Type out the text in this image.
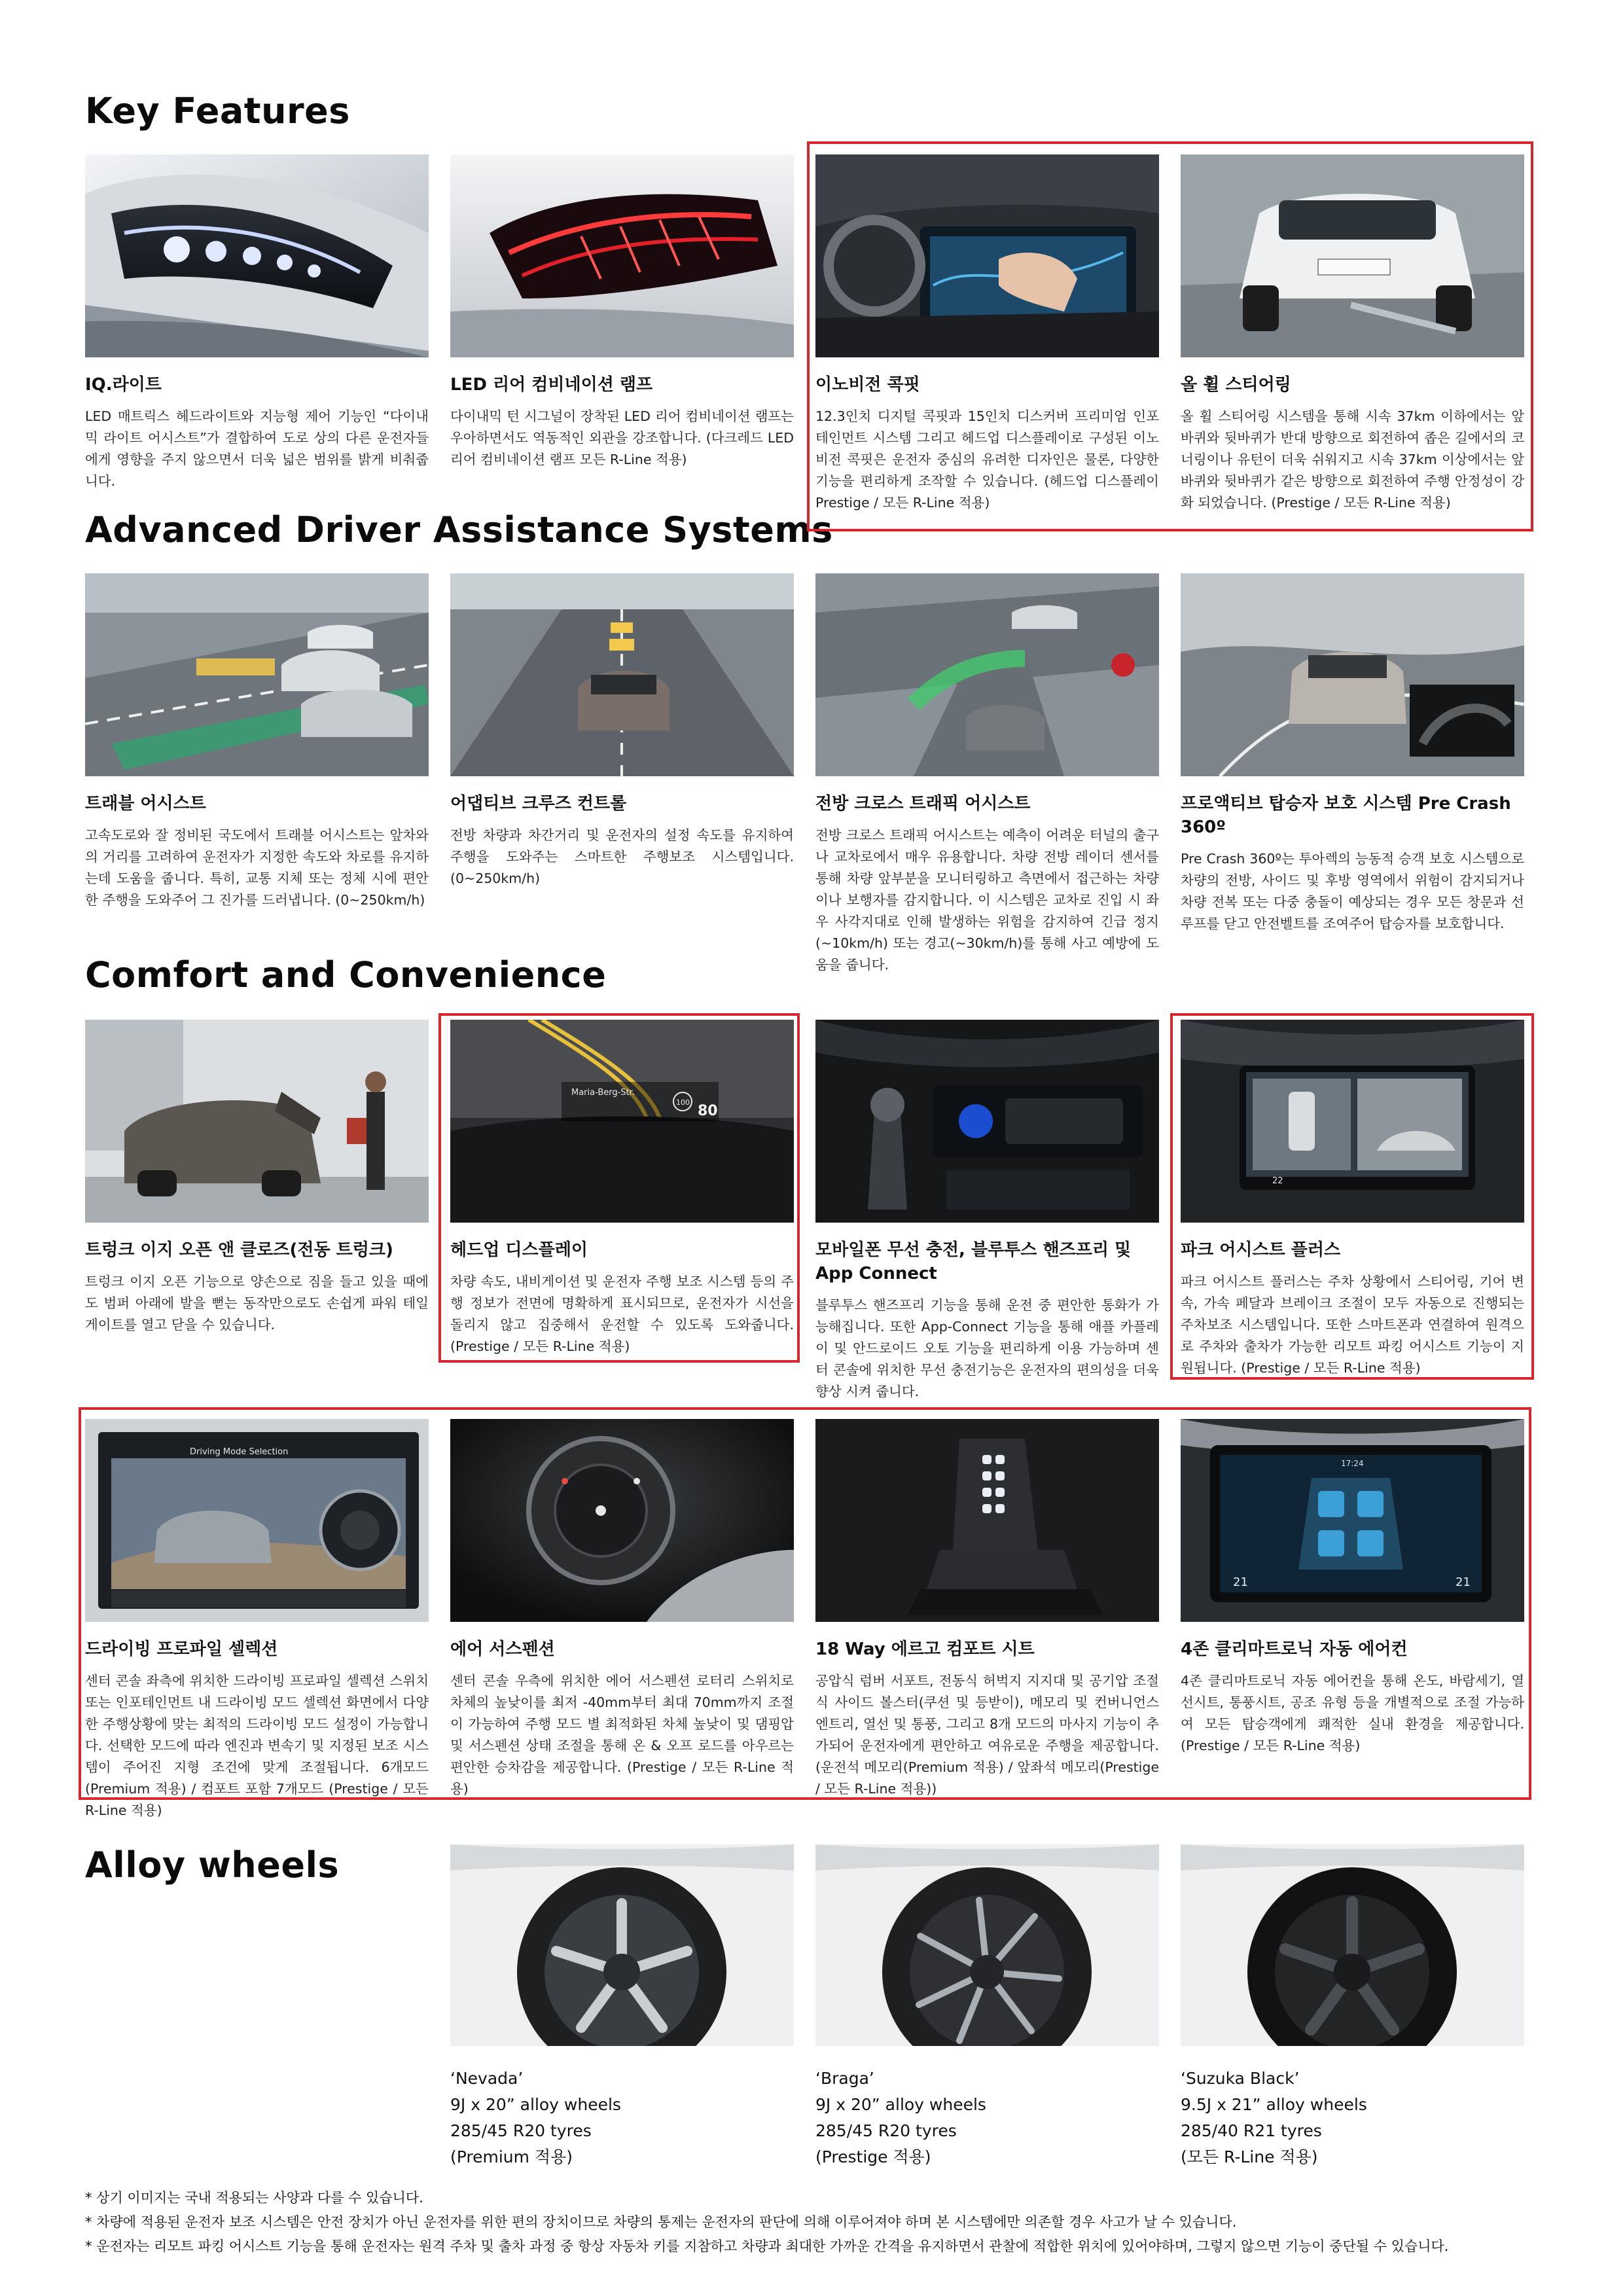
Key Features
Advanced Driver Assistance Systems
Comfort and Convenience
Alloy wheels
IQ.라이트

LED 매트릭스 헤드라이트와 지능형 제어 기능인 “다이내믹 라이트 어시스트”가 결합하여 도로 상의 다른 운전자들에게 영향을 주지 않으면서 더욱 넓은 범위를 밝게 비춰줍니다.

LED 리어 컴비네이션 램프

다이내믹 턴 시그널이 장착된 LED 리어 컴비네이션 램프는 우아하면서도 역동적인 외관을 강조합니다. (다크레드 LED 리어 컴비네이션 램프 모든 R-Line 적용)

이노비전 콕핏

12.3인치 디지털 콕핏과 15인치 디스커버 프리미엄 인포테인먼트 시스템 그리고 헤드업 디스플레이로 구성된 이노비전 콕핏은 운전자 중심의 유려한 디자인은 물론, 다양한 기능을 편리하게 조작할 수 있습니다. (헤드업 디스플레이 Prestige / 모든 R-Line 적용)

올 휠 스티어링

올 휠 스티어링 시스템을 통해 시속 37km 이하에서는 앞바퀴와 뒷바퀴가 반대 방향으로 회전하여 좁은 길에서의 코너링이나 유턴이 더욱 쉬워지고 시속 37km 이상에서는 앞바퀴와 뒷바퀴가 같은 방향으로 회전하여 주행 안정성이 강화 되었습니다. (Prestige / 모든 R-Line 적용)

트래블 어시스트

고속도로와 잘 정비된 국도에서 트래블 어시스트는 앞차와의 거리를 고려하여 운전자가 지정한 속도와 차로를 유지하는데 도움을 줍니다. 특히, 교통 지체 또는 정체 시에 편안한 주행을 도와주어 그 진가를 드러냅니다. (0~250km/h)

어댑티브 크루즈 컨트롤

전방 차량과 차간거리 및 운전자의 설정 속도를 유지하여 주행을 도와주는 스마트한 주행보조 시스템입니다. (0~250km/h)

전방 크로스 트래픽 어시스트

전방 크로스 트래픽 어시스트는 예측이 어려운 터널의 출구나 교차로에서 매우 유용합니다. 차량 전방 레이더 센서를 통해 차량 앞부분을 모니터링하고 측면에서 접근하는 차량이나 보행자를 감지합니다. 이 시스템은 교차로 진입 시 좌우 사각지대로 인해 발생하는 위험을 감지하여 긴급 정지(~10km/h) 또는 경고(~30km/h)를 통해 사고 예방에 도움을 줍니다.

프로액티브 탑승자 보호 시스템 Pre Crash 360º

Pre Crash 360º는 투아렉의 능동적 승객 보호 시스템으로 차량의 전방, 사이드 및 후방 영역에서 위험이 감지되거나 차량 전복 또는 다중 충돌이 예상되는 경우 모든 창문과 선루프를 닫고 안전벨트를 조여주어 탑승자를 보호합니다.

트렁크 이지 오픈 앤 클로즈(전동 트렁크)

트렁크 이지 오픈 기능으로 양손으로 짐을 들고 있을 때에도 범퍼 아래에 발을 뻗는 동작만으로도 손쉽게 파워 테일게이트를 열고 닫을 수 있습니다.

Maria-Berg-Str.
100
80
헤드업 디스플레이

차량 속도, 내비게이션 및 운전자 주행 보조 시스템 등의 주행 정보가 전면에 명확하게 표시되므로, 운전자가 시선을 돌리지 않고 집중해서 운전할 수 있도록 도와줍니다. (Prestige / 모든 R-Line 적용)

모바일폰 무선 충전, 블루투스 핸즈프리 및 App Connect

블루투스 핸즈프리 기능을 통해 운전 중 편안한 통화가 가능해집니다. 또한 App-Connect 기능을 통해 애플 카플레이 및 안드로이드 오토 기능을 편리하게 이용 가능하며 센터 콘솔에 위치한 무선 충전기능은 운전자의 편의성을 더욱 향상 시켜 줍니다.

22
파크 어시스트 플러스

파크 어시스트 플러스는 주차 상황에서 스티어링, 기어 변속, 가속 페달과 브레이크 조절이 모두 자동으로 진행되는 주차보조 시스템입니다. 또한 스마트폰과 연결하여 원격으로 주차와 출차가 가능한 리모트 파킹 어시스트 기능이 지원됩니다. (Prestige / 모든 R-Line 적용)

Driving Mode Selection
드라이빙 프로파일 셀렉션

센터 콘솔 좌측에 위치한 드라이빙 프로파일 셀렉션 스위치 또는 인포테인먼트 내 드라이빙 모드 셀렉션 화면에서 다양한 주행상황에 맞는 최적의 드라이빙 모드 설정이 가능합니다. 선택한 모드에 따라 엔진과 변속기 및 지정된 보조 시스템이 주어진 지형 조건에 맞게 조절됩니다. 6개모드(Premium 적용) / 컴포트 포함 7개모드 (Prestige / 모든 R-Line 적용)

에어 서스펜션

센터 콘솔 우측에 위치한 에어 서스펜션 로터리 스위치로 차체의 높낮이를 최저 -40mm부터 최대 70mm까지 조절이 가능하여 주행 모드 별 최적화된 차체 높낮이 및 댐핑압 및 서스펜션 상태 조절을 통해 온 & 오프 로드를 아우르는 편안한 승차감을 제공합니다. (Prestige / 모든 R-Line 적용)

18 Way 에르고 컴포트 시트

공압식 럼버 서포트, 전동식 허벅지 지지대 및 공기압 조절식 사이드 볼스터(쿠션 및 등받이), 메모리 및 컨버니언스 엔트리, 열선 및 통풍, 그리고 8개 모드의 마사지 기능이 추가되어 운전자에게 편안하고 여유로운 주행을 제공합니다. (운전석 메모리(Premium 적용) / 앞좌석 메모리(Prestige / 모든 R-Line 적용))

17:24
21	21
4존 클리마트로닉 자동 에어컨

4존 클리마트로닉 자동 에어컨을 통해 온도, 바람세기, 열선시트, 통풍시트, 공조 유형 등을 개별적으로 조절 가능하여 모든 탑승객에게 쾌적한 실내 환경을 제공합니다. (Prestige / 모든 R-Line 적용)

‘Nevada’
9J x 20” alloy wheels
285/45 R20 tyres
(Premium 적용)
‘Braga’
9J x 20” alloy wheels
285/45 R20 tyres
(Prestige 적용)
‘Suzuka Black’
9.5J x 21” alloy wheels
285/40 R21 tyres
(모든 R-Line 적용)
* 상기 이미지는 국내 적용되는 사양과 다를 수 있습니다.
* 차량에 적용된 운전자 보조 시스템은 안전 장치가 아닌 운전자를 위한 편의 장치이므로 차량의 통제는 운전자의 판단에 의해 이루어져야 하며 본 시스템에만 의존할 경우 사고가 날 수 있습니다.
* 운전자는 리모트 파킹 어시스트 기능을 통해 운전자는 원격 주차 및 출차 과정 중 항상 자동차 키를 지참하고 차량과 최대한 가까운 간격을 유지하면서 관찰에 적합한 위치에 있어야하며, 그렇지 않으면 기능이 중단될 수 있습니다.
